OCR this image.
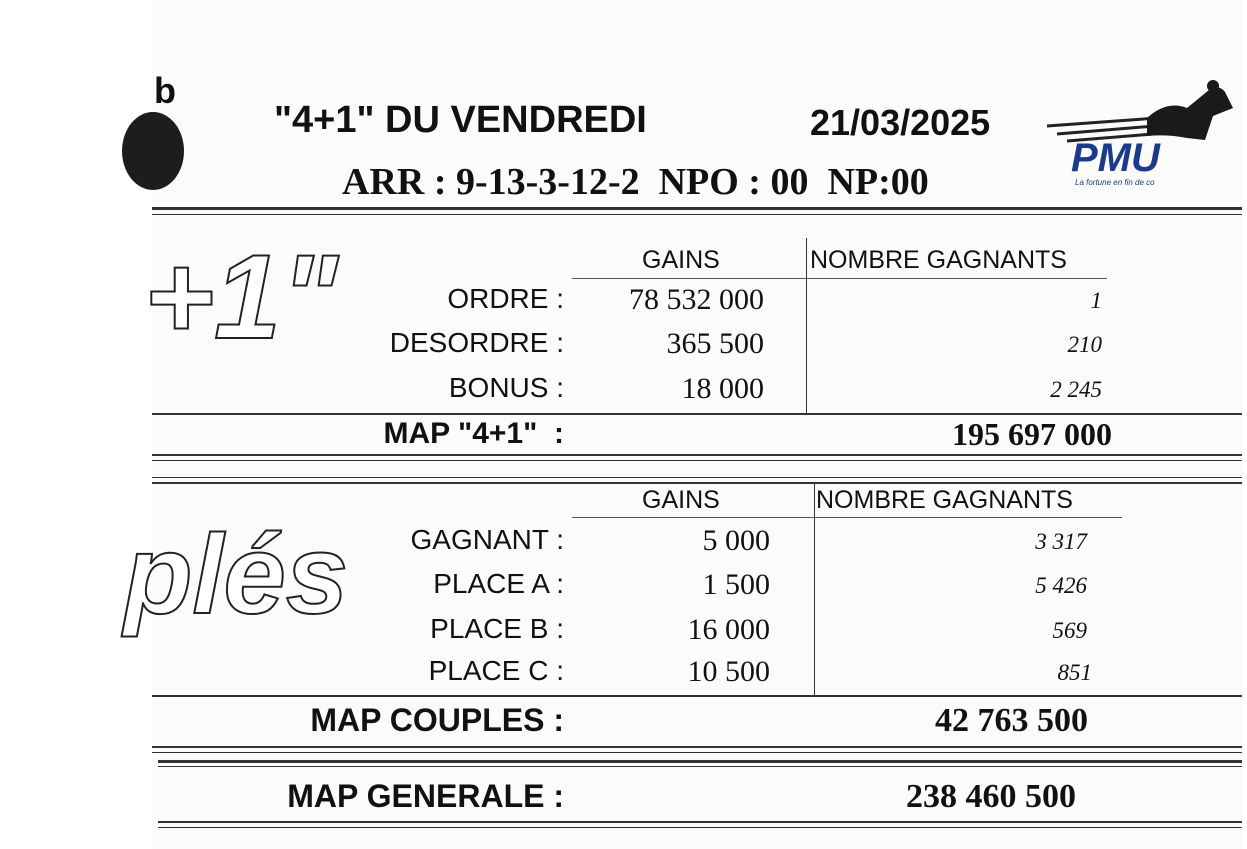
b
"4+1" DU VENDREDI	21/03/2025
ARR : 9-13-3-12-2  NPO : 00  NP:00
PMU
La fortune en fin de co
+1"	GAINS	NOMBRE GAGNANTS
ORDRE :	78 532 000	1
DESORDRE :	365 500	210
BONUS :	18 000	2 245
MAP "4+1"  :	195 697 000
plés
GAINS	NOMBRE GAGNANTS
GAGNANT :	5 000	3 317
PLACE A :	1 500	5 426
PLACE B :	16 000	569
PLACE C :	10 500	851
MAP COUPLES :	42 763 500
MAP GENERALE :	238 460 500
